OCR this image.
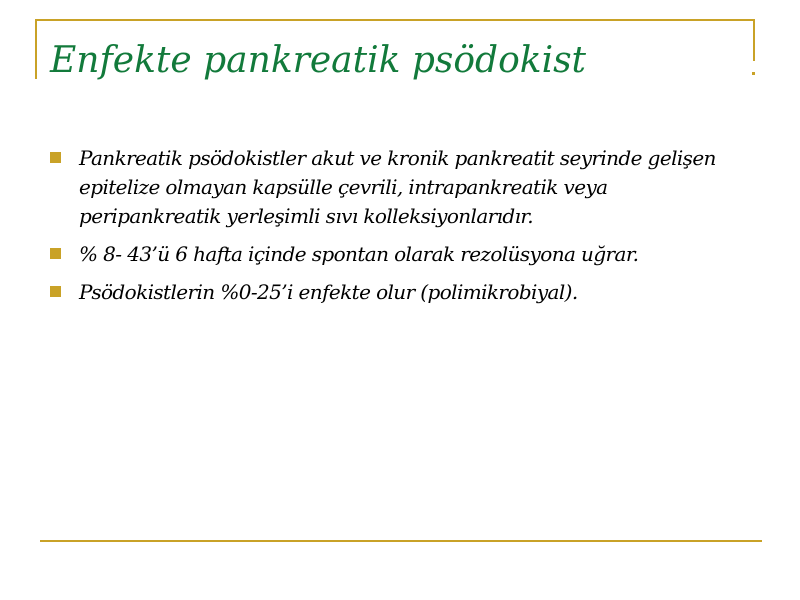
Enfekte pankreatik psödokist
Pankreatik psödokistler akut ve kronik pankreatit seyrinde gelişen epitelize olmayan kapsülle çevrili, intrapankreatik veya peripankreatik yerleşimli sıvı kolleksiyonlarıdır.
% 8- 43’ü 6 hafta içinde spontan olarak rezolüsyona uğrar.
Psödokistlerin %0-25’i enfekte olur (polimikrobiyal).
